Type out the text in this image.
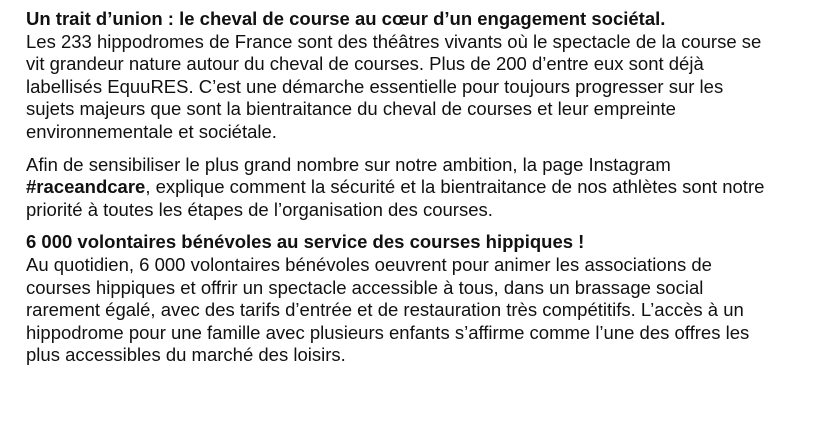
Un trait d’union : le cheval de course au cœur d’un engagement sociétal.
Les 233 hippodromes de France sont des théâtres vivants où le spectacle de la course se
vit grandeur nature autour du cheval de courses. Plus de 200 d’entre eux sont déjà
labellisés EquuRES. C’est une démarche essentielle pour toujours progresser sur les
sujets majeurs que sont la bientraitance du cheval de courses et leur empreinte
environnementale et sociétale.
Afin de sensibiliser le plus grand nombre sur notre ambition, la page Instagram
#raceandcare, explique comment la sécurité et la bientraitance de nos athlètes sont notre
priorité à toutes les étapes de l’organisation des courses.
6 000 volontaires bénévoles au service des courses hippiques !
Au quotidien, 6 000 volontaires bénévoles oeuvrent pour animer les associations de
courses hippiques et offrir un spectacle accessible à tous, dans un brassage social
rarement égalé, avec des tarifs d’entrée et de restauration très compétitifs. L’accès à un
hippodrome pour une famille avec plusieurs enfants s’affirme comme l’une des offres les
plus accessibles du marché des loisirs.
